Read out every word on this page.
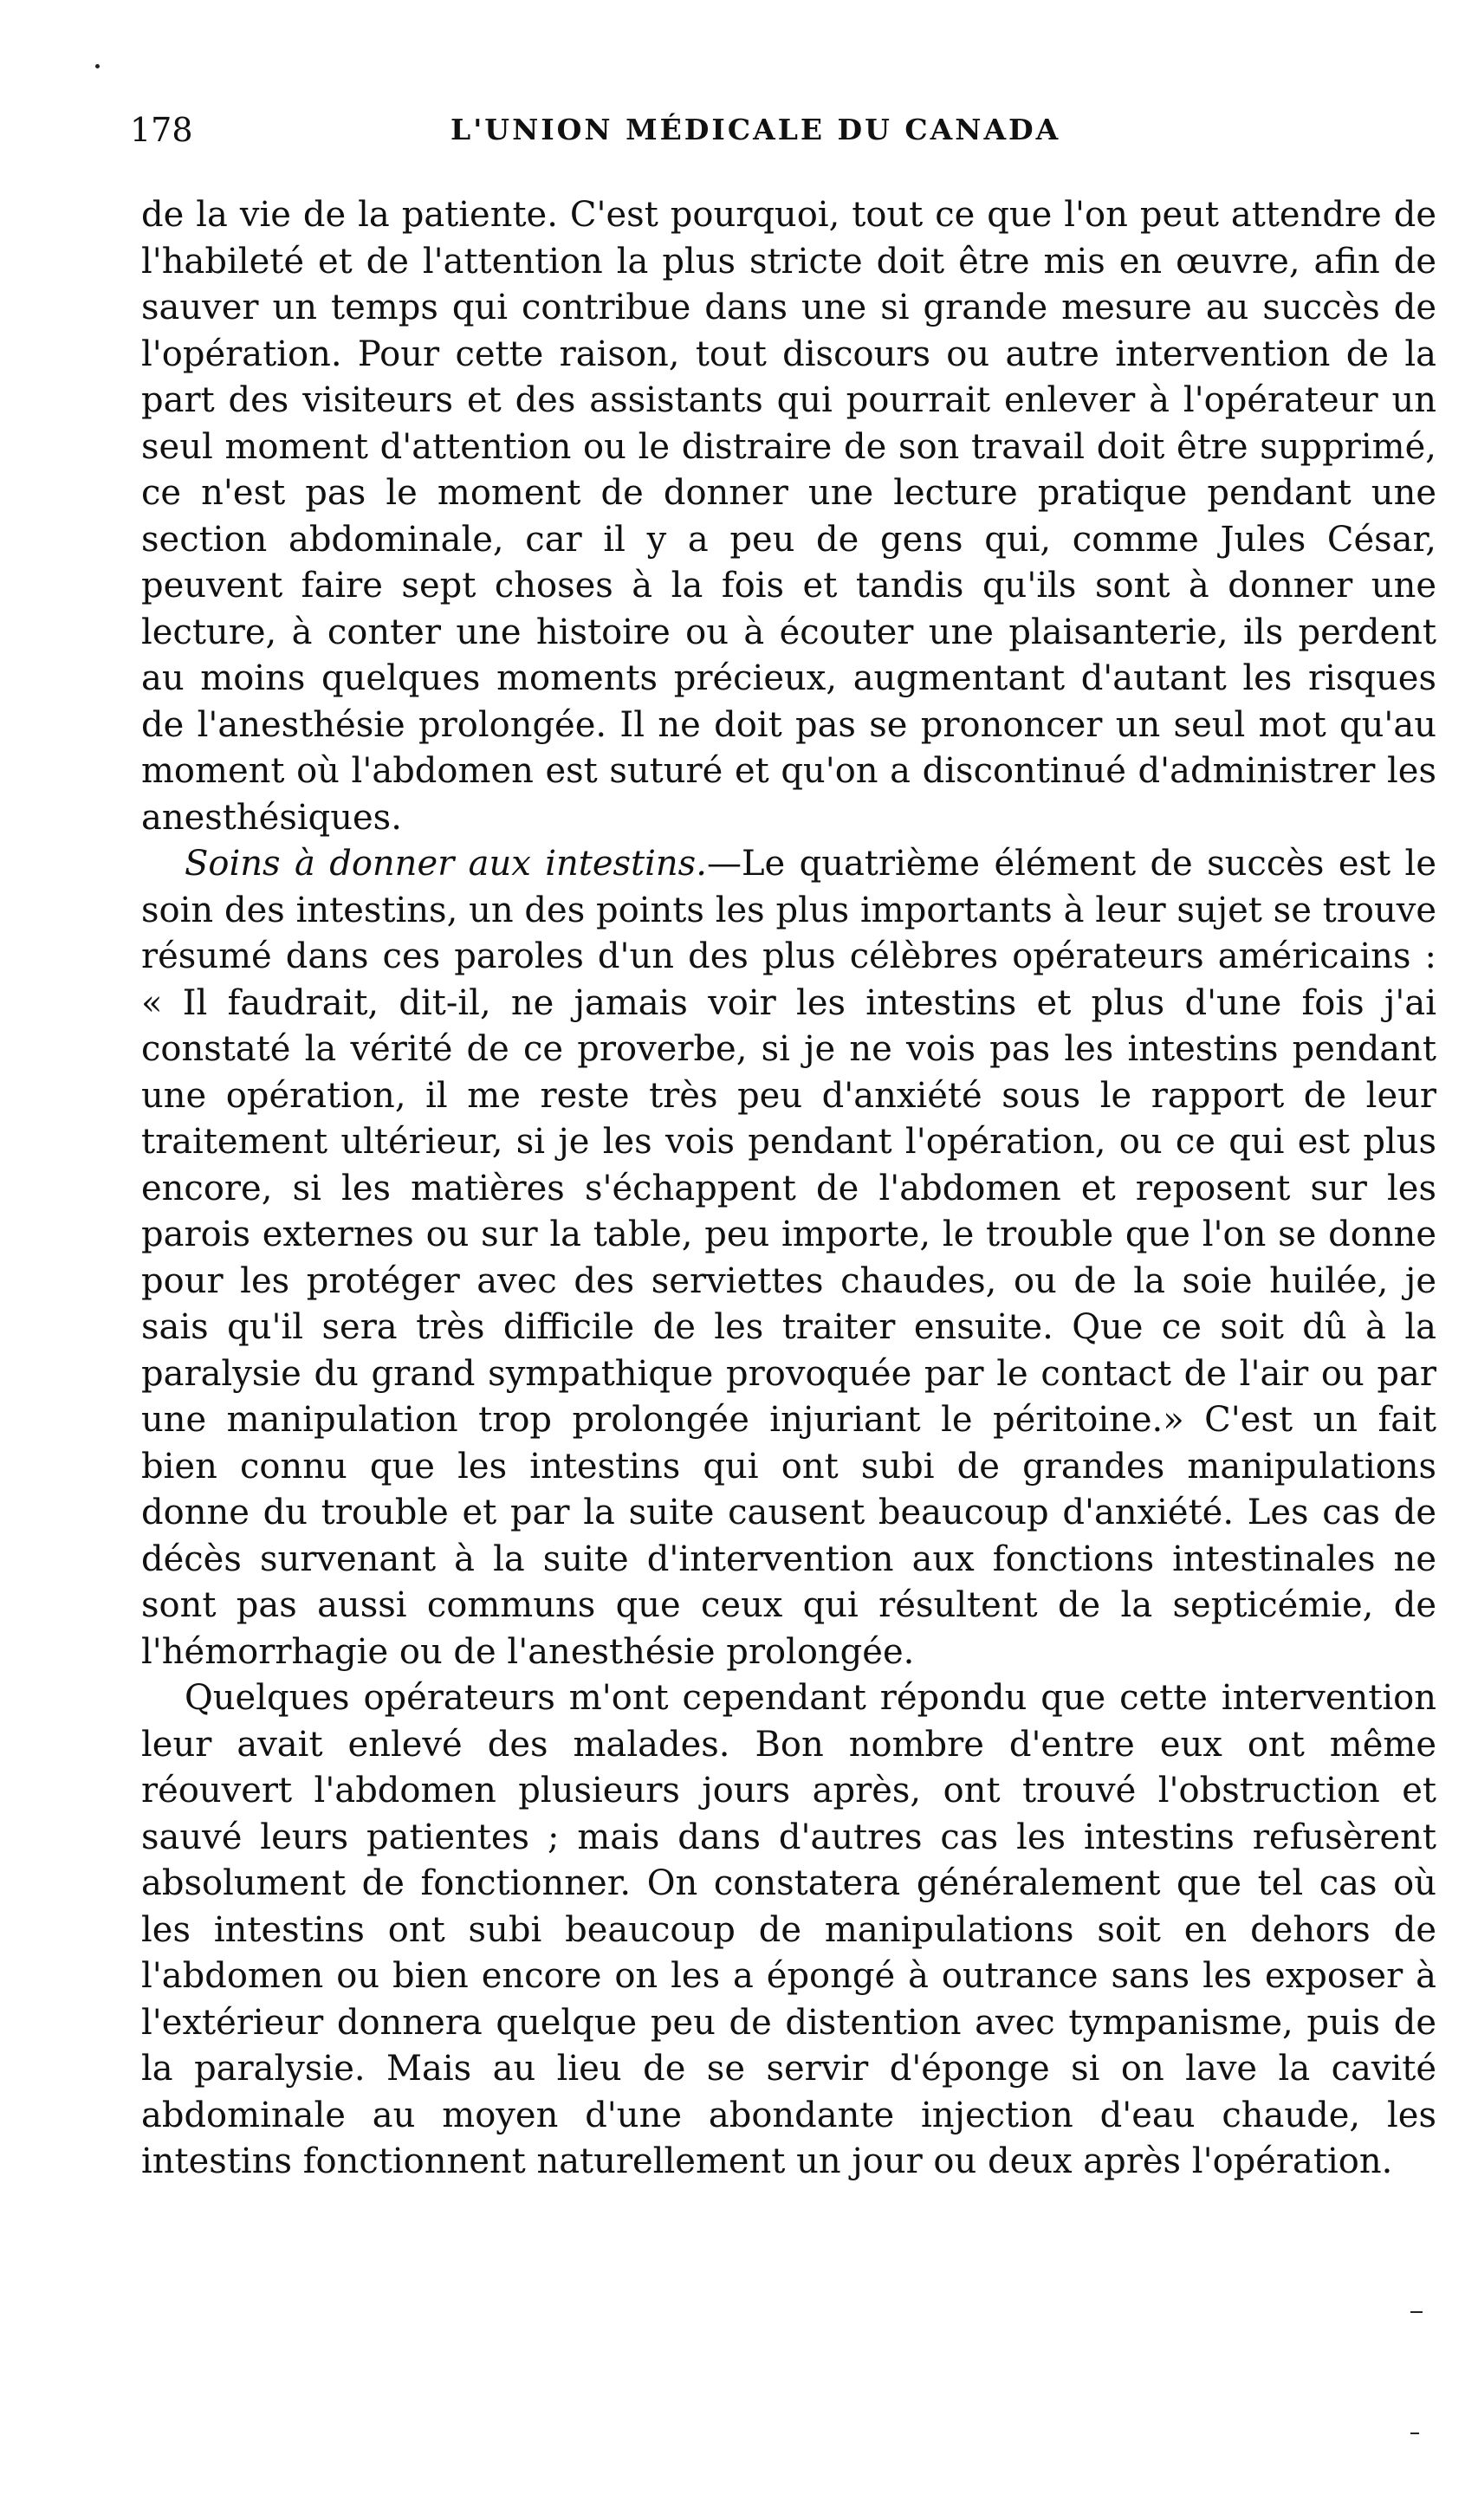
178	L'UNION MÉDICALE DU CANADA

de la vie de la patiente. C'est pourquoi, tout ce que l'on peut attendre de l'habileté et de l'attention la plus stricte doit être mis en œuvre, afin de sauver un temps qui contribue dans une si grande mesure au succès de l'opération. Pour cette raison, tout discours ou autre intervention de la part des visiteurs et des assistants qui pourrait enlever à l'opérateur un seul moment d'attention ou le distraire de son travail doit être supprimé, ce n'est pas le moment de donner une lecture pratique pendant une section abdominale, car il y a peu de gens qui, comme Jules César, peuvent faire sept choses à la fois et tandis qu'ils sont à donner une lecture, à conter une histoire ou à écouter une plaisanterie, ils perdent au moins quelques moments précieux, augmentant d'autant les risques de l'anesthésie prolongée. Il ne doit pas se prononcer un seul mot qu'au moment où l'abdomen est suturé et qu'on a discontinué d'administrer les anesthésiques.

Soins à donner aux intestins.—Le quatrième élément de succès est le soin des intestins, un des points les plus importants à leur sujet se trouve résumé dans ces paroles d'un des plus célèbres opérateurs américains : « Il faudrait, dit-il, ne jamais voir les intestins et plus d'une fois j'ai constaté la vérité de ce proverbe, si je ne vois pas les intestins pendant une opération, il me reste très peu d'anxiété sous le rapport de leur traitement ultérieur, si je les vois pendant l'opération, ou ce qui est plus encore, si les matières s'échappent de l'abdomen et reposent sur les parois externes ou sur la table, peu importe, le trouble que l'on se donne pour les protéger avec des serviettes chaudes, ou de la soie huilée, je sais qu'il sera très difficile de les traiter ensuite. Que ce soit dû à la paralysie du grand sympathique provoquée par le contact de l'air ou par une manipulation trop prolongée injuriant le péritoine.» C'est un fait bien connu que les intestins qui ont subi de grandes manipulations donne du trouble et par la suite causent beaucoup d'anxiété. Les cas de décès survenant à la suite d'intervention aux fonctions intestinales ne sont pas aussi communs que ceux qui résultent de la septicémie, de l'hémorrhagie ou de l'anesthésie prolongée.

Quelques opérateurs m'ont cependant répondu que cette intervention leur avait enlevé des malades. Bon nombre d'entre eux ont même réouvert l'abdomen plusieurs jours après, ont trouvé l'obstruction et sauvé leurs patientes ; mais dans d'autres cas les intestins refusèrent absolument de fonctionner. On constatera généralement que tel cas où les intestins ont subi beaucoup de manipulations soit en dehors de l'abdomen ou bien encore on les a épongé à outrance sans les exposer à l'extérieur donnera quelque peu de distention avec tympanisme, puis de la paralysie. Mais au lieu de se servir d'éponge si on lave la cavité abdominale au moyen d'une abondante injection d'eau chaude, les intestins fonctionnent naturellement un jour ou deux après l'opération.
